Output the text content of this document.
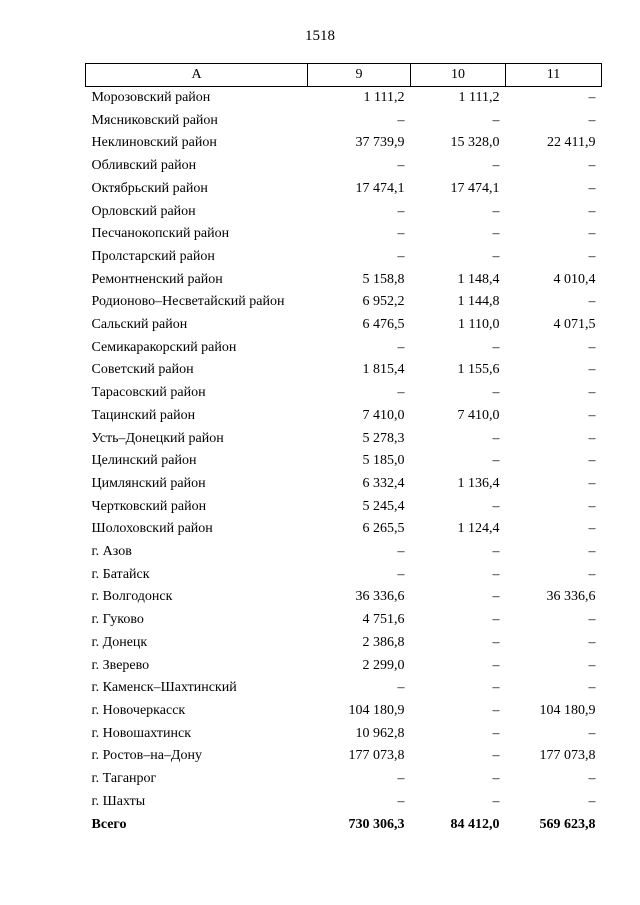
1518
А	9	10	11
Морозовский район	1 111,2	1 111,2	–
Мясниковский район	–	–	–
Неклиновский район	37 739,9	15 328,0	22 411,9
Обливский район	–	–	–
Октябрьский район	17 474,1	17 474,1	–
Орловский район	–	–	–
Песчанокопский район	–	–	–
Пролстарский район	–	–	–
Ремонтненский район	5 158,8	1 148,4	4 010,4
Родионово–Несветайский район	6 952,2	1 144,8	–
Сальский район	6 476,5	1 110,0	4 071,5
Семикаракорский район	–	–	–
Советский район	1 815,4	1 155,6	–
Тарасовский район	–	–	–
Тацинский район	7 410,0	7 410,0	–
Усть–Донецкий район	5 278,3	–	–
Целинский район	5 185,0	–	–
Цимлянский район	6 332,4	1 136,4	–
Чертковский район	5 245,4	–	–
Шолоховский район	6 265,5	1 124,4	–
г. Азов	–	–	–
г. Батайск	–	–	–
г. Волгодонск	36 336,6	–	36 336,6
г. Гуково	4 751,6	–	–
г. Донецк	2 386,8	–	–
г. Зверево	2 299,0	–	–
г. Каменск–Шахтинский	–	–	–
г. Новочеркасск	104 180,9	–	104 180,9
г. Новошахтинск	10 962,8	–	–
г. Ростов–на–Дону	177 073,8	–	177 073,8
г. Таганрог	–	–	–
г. Шахты	–	–	–
Всего	730 306,3	84 412,0	569 623,8
